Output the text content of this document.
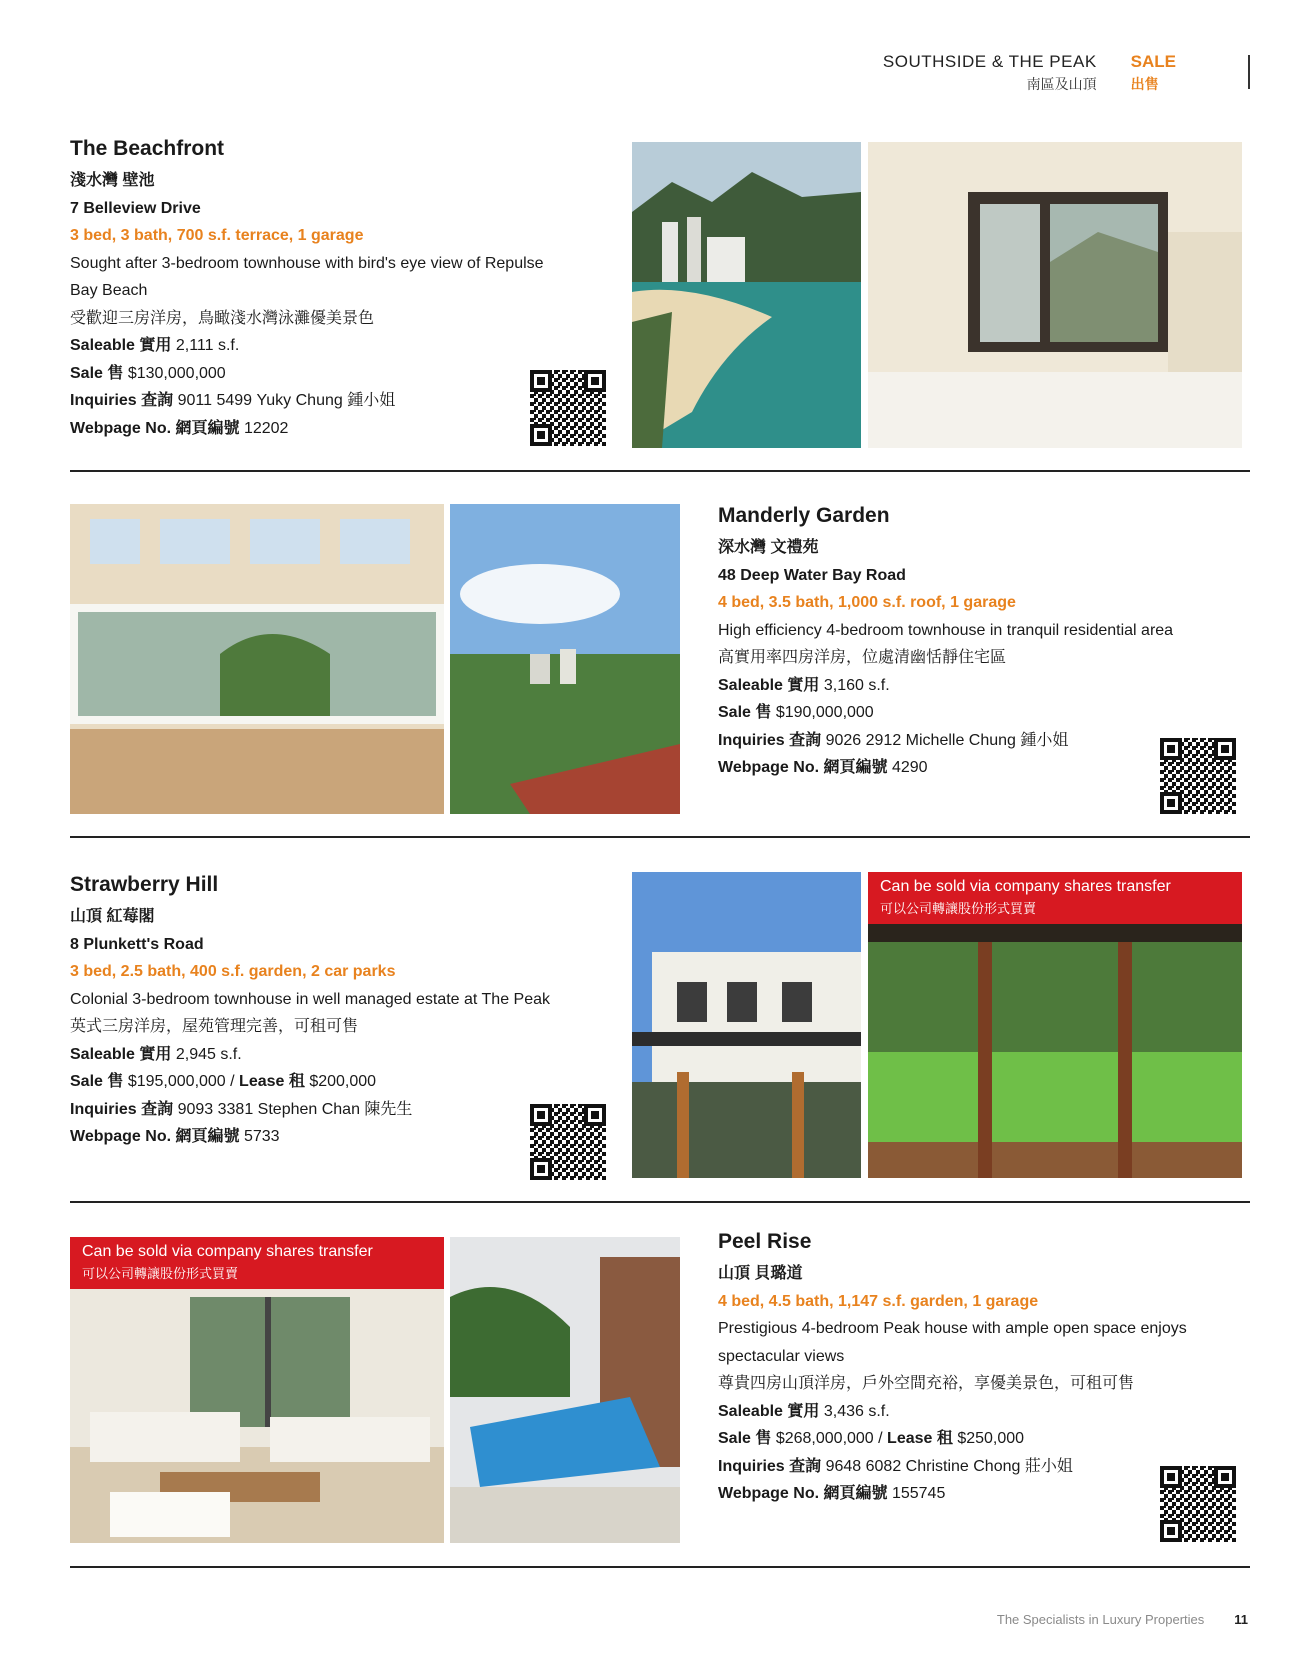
SOUTHSIDE & THE PEAK
南區及山頂
SALE
出售
The Beachfront
淺水灣 壁池
7 Belleview Drive
3 bed, 3 bath, 700 s.f. terrace, 1 garage
Sought after 3-bedroom townhouse with bird's eye view of Repulse
Bay Beach
受歡迎三房洋房，鳥瞰淺水灣泳灘優美景色
Saleable 實用 2,111 s.f.
Sale 售 $130,000,000
Inquiries 查詢 9011 5499 Yuky Chung 鍾小姐
Webpage No. 網頁編號 12202
Manderly Garden
深水灣 文禮苑
48 Deep Water Bay Road
4 bed, 3.5 bath, 1,000 s.f. roof, 1 garage
High efficiency 4-bedroom townhouse in tranquil residential area
高實用率四房洋房，位處清幽恬靜住宅區
Saleable 實用 3,160 s.f.
Sale 售 $190,000,000
Inquiries 查詢 9026 2912 Michelle Chung 鍾小姐
Webpage No. 網頁編號 4290
Strawberry Hill
山頂 紅莓閣
8 Plunkett's Road
3 bed, 2.5 bath, 400 s.f. garden, 2 car parks
Colonial 3-bedroom townhouse in well managed estate at The Peak
英式三房洋房，屋苑管理完善，可租可售
Saleable 實用 2,945 s.f.
Sale 售 $195,000,000 / Lease 租 $200,000
Inquiries 查詢 9093 3381 Stephen Chan 陳先生
Webpage No. 網頁編號 5733
Can be sold via company shares transfer
可以公司轉讓股份形式買賣
Can be sold via company shares transfer
可以公司轉讓股份形式買賣
Peel Rise
山頂 貝璐道
4 bed, 4.5 bath, 1,147 s.f. garden, 1 garage
Prestigious 4-bedroom Peak house with ample open space enjoys
spectacular views
尊貴四房山頂洋房，戶外空間充裕，享優美景色，可租可售
Saleable 實用 3,436 s.f.
Sale 售 $268,000,000 / Lease 租 $250,000
Inquiries 查詢 9648 6082 Christine Chong 莊小姐
Webpage No. 網頁編號 155745
The Specialists in Luxury Properties 11
